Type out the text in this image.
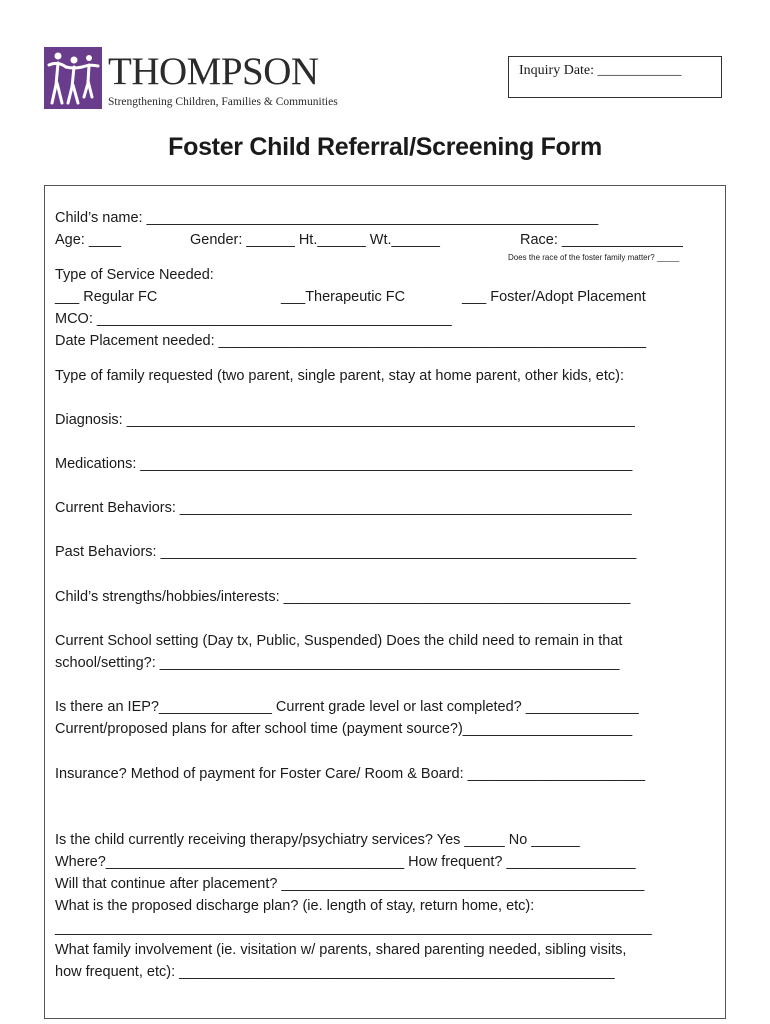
THOMPSON
Strengthening Children, Families & Communities
Inquiry Date: ____________
Foster Child Referral/Screening Form
Child’s name: ________________________________________________________
Age: ____	Gender: ______ Ht.______ Wt.______	Race: _______________
Does the race of the foster family matter? _____
Type of Service Needed:
___ Regular FC	___Therapeutic FC	___ Foster/Adopt Placement
MCO: ____________________________________________
Date Placement needed: _____________________________________________________
Type of family requested (two parent, single parent, stay at home parent, other kids, etc):
Diagnosis: _______________________________________________________________
Medications: _____________________________________________________________
Current Behaviors: ________________________________________________________
Past Behaviors: ___________________________________________________________
Child’s strengths/hobbies/interests: ___________________________________________
Current School setting (Day tx, Public, Suspended) Does the child need to remain in that
school/setting?: _________________________________________________________
Is there an IEP?______________ Current grade level or last completed? ______________
Current/proposed plans for after school time (payment source?)_____________________
Insurance? Method of payment for Foster Care/ Room & Board: ______________________
Is the child currently receiving therapy/psychiatry services? Yes _____ No ______
Where?_____________________________________ How frequent? ________________
Will that continue after placement? _____________________________________________
What is the proposed discharge plan? (ie. length of stay, return home, etc):
__________________________________________________________________________
What family involvement (ie. visitation w/ parents, shared parenting needed, sibling visits,
how frequent, etc): ______________________________________________________
